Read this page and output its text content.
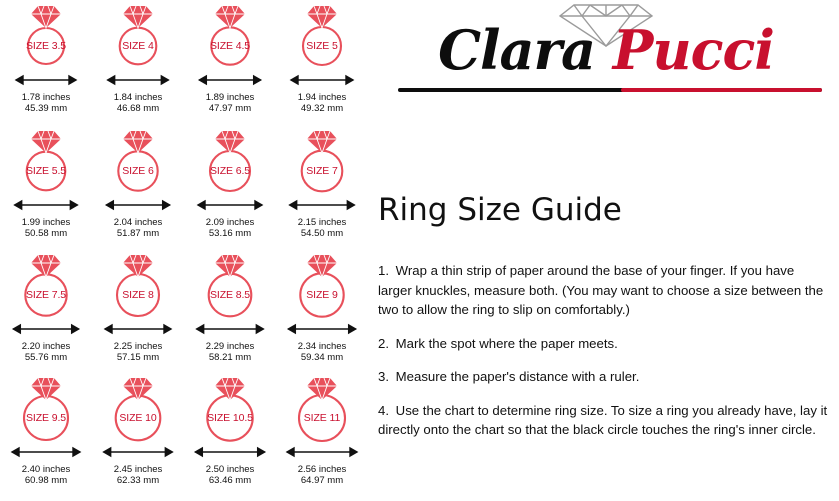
SIZE 3.5
1.78 inches
45.39 mm
SIZE 4
1.84 inches
46.68 mm
SIZE 4.5
1.89 inches
47.97 mm
SIZE 5
1.94 inches
49.32 mm
SIZE 5.5
1.99 inches
50.58 mm
SIZE 6
2.04 inches
51.87 mm
SIZE 6.5
2.09 inches
53.16 mm
SIZE 7
2.15 inches
54.50 mm
SIZE 7.5
2.20 inches
55.76 mm
SIZE 8
2.25 inches
57.15 mm
SIZE 8.5
2.29 inches
58.21 mm
SIZE 9
2.34 inches
59.34 mm
SIZE 9.5
2.40 inches
60.98 mm
SIZE 10
2.45 inches
62.33 mm
SIZE 10.5
2.50 inches
63.46 mm
SIZE 11
2.56 inches
64.97 mm
Clara Pucci
Ring Size Guide

1. Wrap a thin strip of paper around the base of your finger. If you have larger knuckles, measure both. (You may want to choose a size between the two to allow the ring to slip on comfortably.)

2. Mark the spot where the paper meets.

3. Measure the paper's distance with a ruler.

4. Use the chart to determine ring size. To size a ring you already have, lay it directly onto the chart so that the black circle touches the ring's inner circle.
